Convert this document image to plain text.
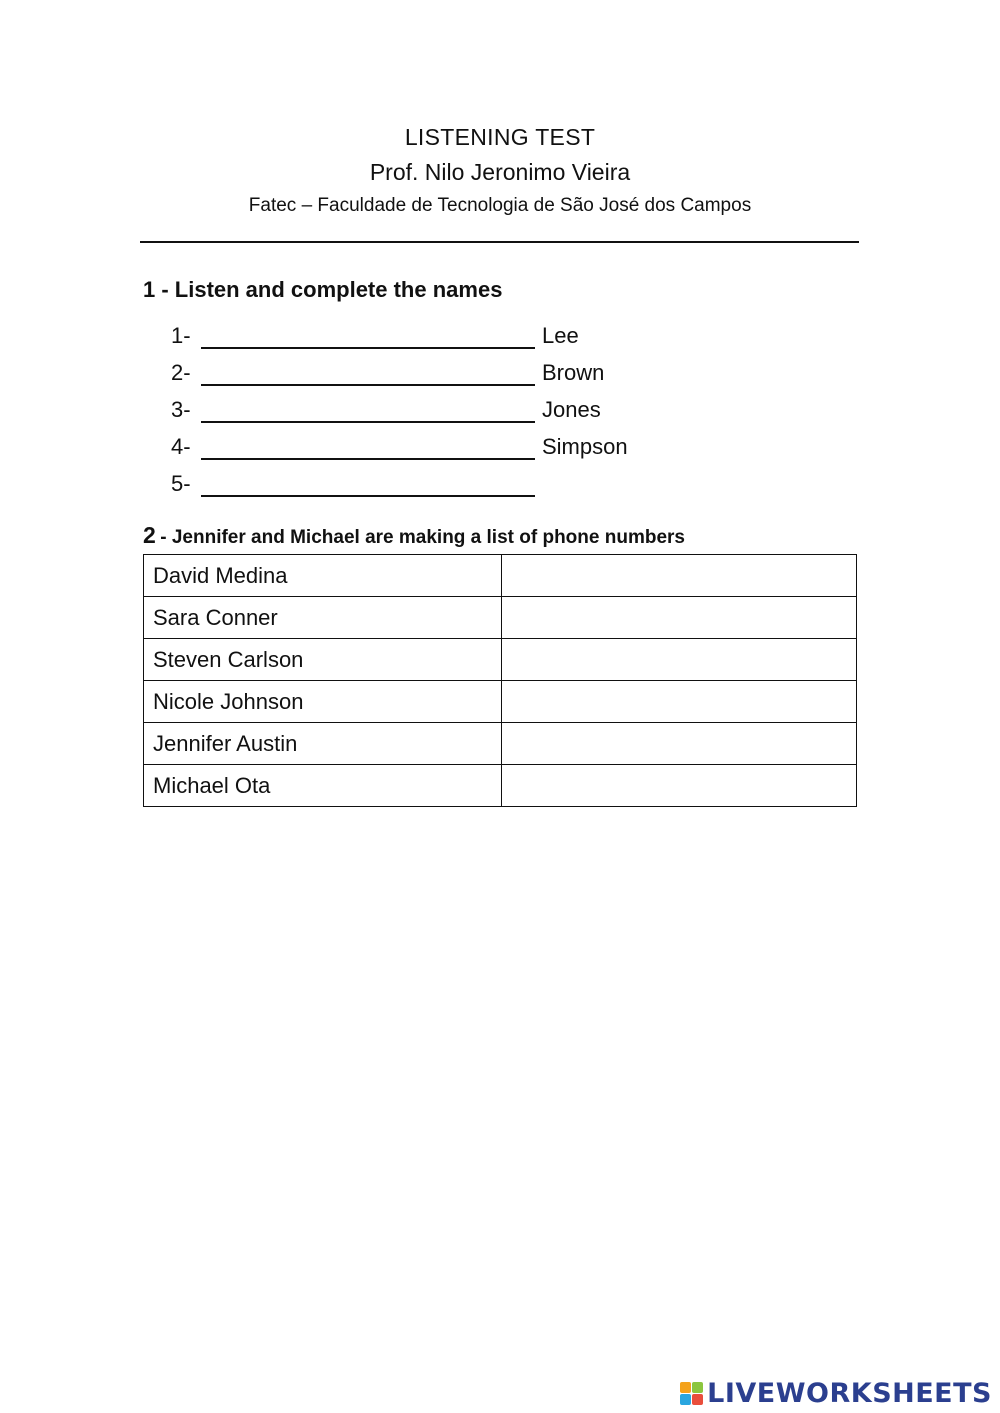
LISTENING TEST
Prof. Nilo Jeronimo Vieira
Fatec – Faculdade de Tecnologia de São José dos Campos
1 - Listen and complete the names
1-	Lee
2-	Brown
3-	Jones
4-	Simpson
5-
2 - Jennifer and Michael are making a list of phone numbers
David Medina	
Sara Conner	
Steven Carlson	
Nicole Johnson	
Jennifer Austin	
Michael Ota	
LIVEWORKSHEETS
